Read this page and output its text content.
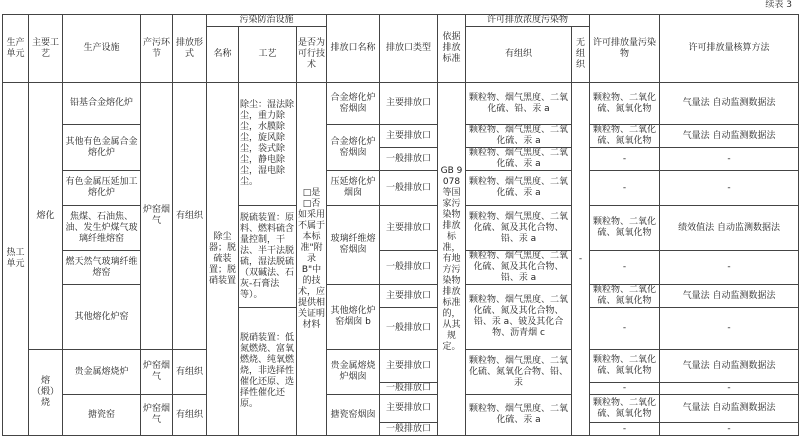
续表 3
生产单元	主要工艺	生产设施	产污环节	排放形式	污染防治设施			排放口名称	排放口类型	依据排放标准	许可排放浓度污染物		许可排放量污染物	许可排放量核算方法
					名称	工艺	是否为可行技术				有组织	无组织		
热工单元	熔化	铅基合金熔化炉	炉窑烟气	有组织	除尘器；脱硫装置；脱硝装置	除尘：湿法除尘，重力除尘，水膜除尘，旋风除尘，袋式除尘，静电除尘，湿电除尘。	□是 □否 如采用不属于本标准"附录B"中的技术，应提供相关证明材料	合金熔化炉窑烟囱	主要排放口	GB 9078 等国家污染物排放标准，有地方污染物排放标准的，从其规定。	颗粒物、烟气黑度、二氧化硫、铅、汞 a	-	颗粒物、二氧化硫、氮氧化物	气量法 自动监测数据法

		其他有色金属合金熔化炉						合金熔化炉窑烟囱	主要排放口		颗粒物、烟气黑度、二氧化硫、汞 a		颗粒物、二氧化硫、氮氧化物	气量法 自动监测数据法
									一般排放口		颗粒物、烟气黑度、二氧化硫、汞 a		-	-
		有色金属压延加工熔化炉						压延熔化炉烟囱	一般排放口		颗粒物、烟气黑度、二氧化硫、汞 a		-	-
		焦煤、石油焦、油、发生炉煤气玻璃纤维熔窑				脱硫装置：原料、燃料硫含量控制，干法、半干法脱硫，湿法脱硫（双碱法、石灰-石膏法等）。		玻璃纤维熔窑烟囱	主要排放口		颗粒物、烟气黑度、二氧化硫、氮及其化合物、铅、汞 a		颗粒物、二氧化硫、氮氧化物	绩效值法 自动监测数据法
		燃天然气玻璃纤维熔窑							一般排放口		颗粒物、烟气黑度、二氧化硫、氮及其化合物、铅、汞 a		-	-
		其他熔化炉窑						其他熔化炉窑烟囱 b	主要排放口		颗粒物、烟气黑度、二氧化硫、氮及其化合物、铅、汞 a、铍及其化合物、沥青烟 c		颗粒物、二氧化硫、氮氧化物	气量法 自动监测数据法
						脱硝装置：低氮燃烧、富氧燃烧、纯氧燃烧，非选择性催化还原、选择性催化还原。			一般排放口				-	-

	熔（煅）烧	贵金属熔烧炉	炉窑烟气	有组织				贵金属熔烧炉烟囱	主要排放口		颗粒物、烟气黑度、二氧化硫、氮氧化合物、铅、汞		颗粒物、二氧化硫、氮氧化物	气量法 自动监测数据法

									一般排放口				-	-
		搪瓷窑	炉窑烟气	有组织				搪瓷窑烟囱	主要排放口		颗粒物、烟气黑度、二氧化硫、汞 a		颗粒物、二氧化硫、氮氧化物	气量法 自动监测数据法
									一般排放口				-	-
